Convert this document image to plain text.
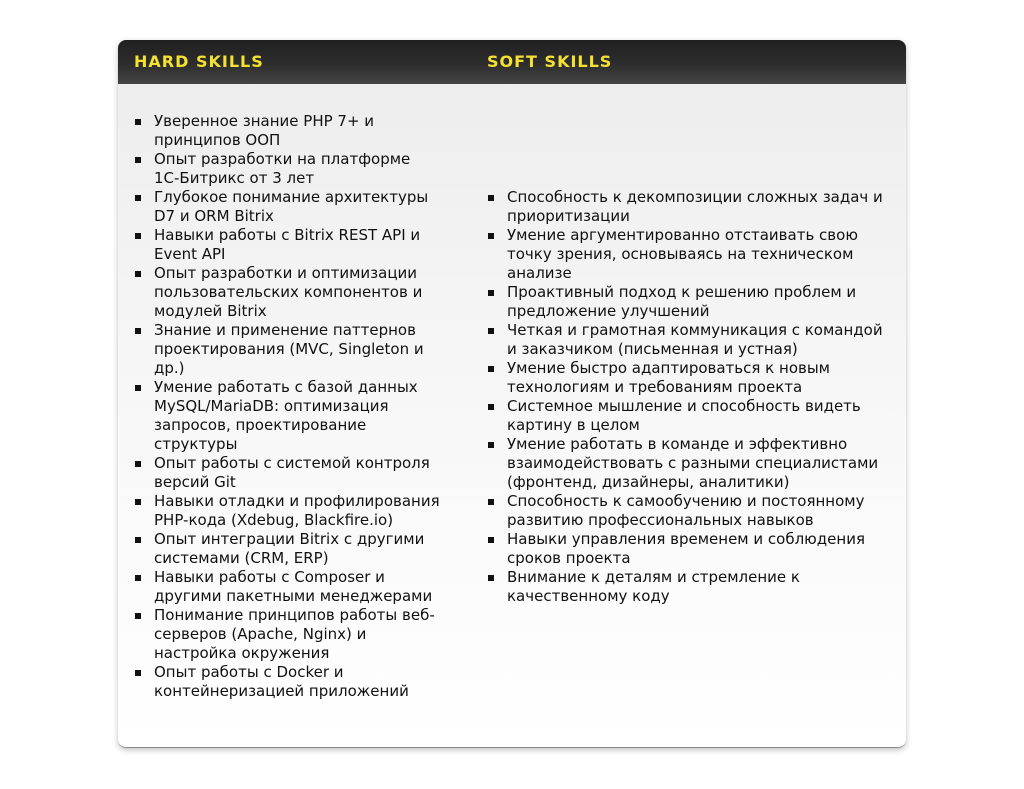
HARD SKILLS	SOFT SKILLS
Уверенное знание PHP 7+ и принципов ООП
Опыт разработки на платформе 1С-Битрикс от 3 лет
Глубокое понимание архитектуры D7 и ORM Bitrix
Навыки работы с Bitrix REST API и Event API
Опыт разработки и оптимизации пользовательских компонентов и модулей Bitrix
Знание и применение паттернов проектирования (MVC, Singleton и др.)
Умение работать с базой данных MySQL/MariaDB: оптимизация запросов, проектирование структуры
Опыт работы с системой контроля версий Git
Навыки отладки и профилирования PHP-кода (Xdebug, Blackfire.io)
Опыт интеграции Bitrix с другими системами (CRM, ERP)
Навыки работы с Composer и другими пакетными менеджерами
Понимание принципов работы веб-серверов (Apache, Nginx) и настройка окружения
Опыт работы с Docker и контейнеризацией приложений
Способность к декомпозиции сложных задач и приоритизации
Умение аргументированно отстаивать свою точку зрения, основываясь на техническом анализе
Проактивный подход к решению проблем и предложение улучшений
Четкая и грамотная коммуникация с командой и заказчиком (письменная и устная)
Умение быстро адаптироваться к новым технологиям и требованиям проекта
Системное мышление и способность видеть картину в целом
Умение работать в команде и эффективно взаимодействовать с разными специалистами (фронтенд, дизайнеры, аналитики)
Способность к самообучению и постоянному развитию профессиональных навыков
Навыки управления временем и соблюдения сроков проекта
Внимание к деталям и стремление к качественному коду
